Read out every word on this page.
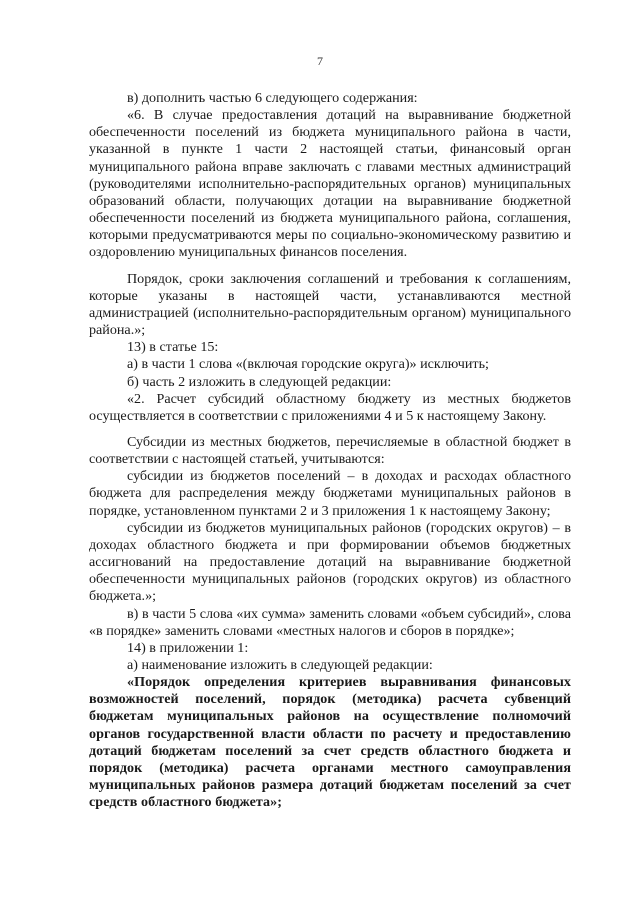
7

в) дополнить частью 6 следующего содержания:

«6. В случае предоставления дотаций на выравнивание бюджетной обеспеченности поселений из бюджета муниципального района в части, указанной в пункте 1 части 2 настоящей статьи, финансовый орган муниципального района вправе заключать с главами местных администраций (руководителями исполнительно-распорядительных органов) муниципальных образований области, получающих дотации на выравнивание бюджетной обеспеченности поселений из бюджета муниципального района, соглашения, которыми предусматриваются меры по социально-экономическому развитию и оздоровлению муниципальных финансов поселения.

Порядок, сроки заключения соглашений и требования к соглашениям, которые указаны в настоящей части, устанавливаются местной администрацией (исполнительно-распорядительным органом) муниципального района.»;

13) в статье 15:

а) в части 1 слова «(включая городские округа)» исключить;

б) часть 2 изложить в следующей редакции:

«2. Расчет субсидий областному бюджету из местных бюджетов осуществляется в соответствии с приложениями 4 и 5 к настоящему Закону.

Субсидии из местных бюджетов, перечисляемые в областной бюджет в соответствии с настоящей статьей, учитываются:

субсидии из бюджетов поселений – в доходах и расходах областного бюджета для распределения между бюджетами муниципальных районов в порядке, установленном пунктами 2 и 3 приложения 1 к настоящему Закону;

субсидии из бюджетов муниципальных районов (городских округов) – в доходах областного бюджета и при формировании объемов бюджетных ассигнований на предоставление дотаций на выравнивание бюджетной обеспеченности муниципальных районов (городских округов) из областного бюджета.»;

в) в части 5 слова «их сумма» заменить словами «объем субсидий», слова «в порядке» заменить словами «местных налогов и сборов в порядке»;

14) в приложении 1:

а) наименование изложить в следующей редакции:

«Порядок определения критериев выравнивания финансовых возможностей поселений, порядок (методика) расчета субвенций бюджетам муниципальных районов на осуществление полномочий органов государственной власти области по расчету и предоставлению дотаций бюджетам поселений за счет средств областного бюджета и порядок (методика) расчета органами местного самоуправления муниципальных районов размера дотаций бюджетам поселений за счет средств областного бюджета»;
